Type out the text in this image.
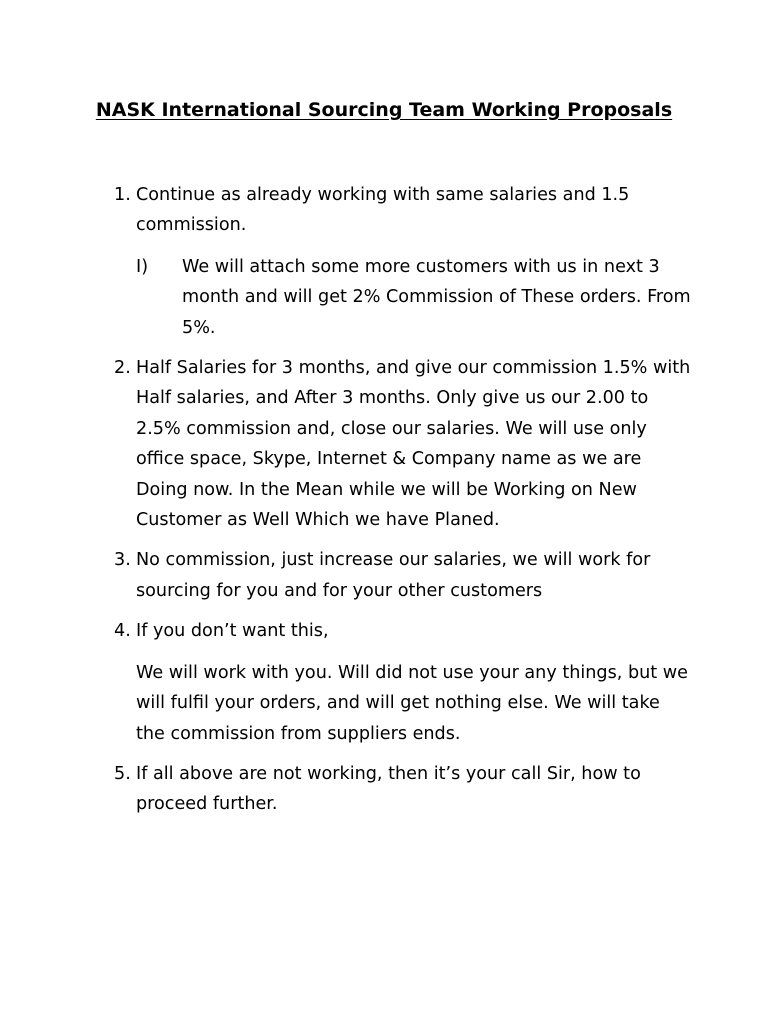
NASK International Sourcing Team Working Proposals
1. Continue as already working with same salaries and 1.5 commission.
I) We will attach some more customers with us in next 3 month and will get 2% Commission of These orders. From 5%.
2. Half Salaries for 3 months, and give our commission 1.5% with Half salaries, and After 3 months. Only give us our 2.00 to 2.5% commission and, close our salaries. We will use only office space, Skype, Internet & Company name as we are Doing now. In the Mean while we will be Working on New Customer as Well Which we have Planed.
3. No commission, just increase our salaries, we will work for sourcing for you and for your other customers
4. If you don’t want this,
We will work with you. Will did not use your any things, but we will fulfil your orders, and will get nothing else. We will take the commission from suppliers ends.
5. If all above are not working, then it’s your call Sir, how to proceed further.
